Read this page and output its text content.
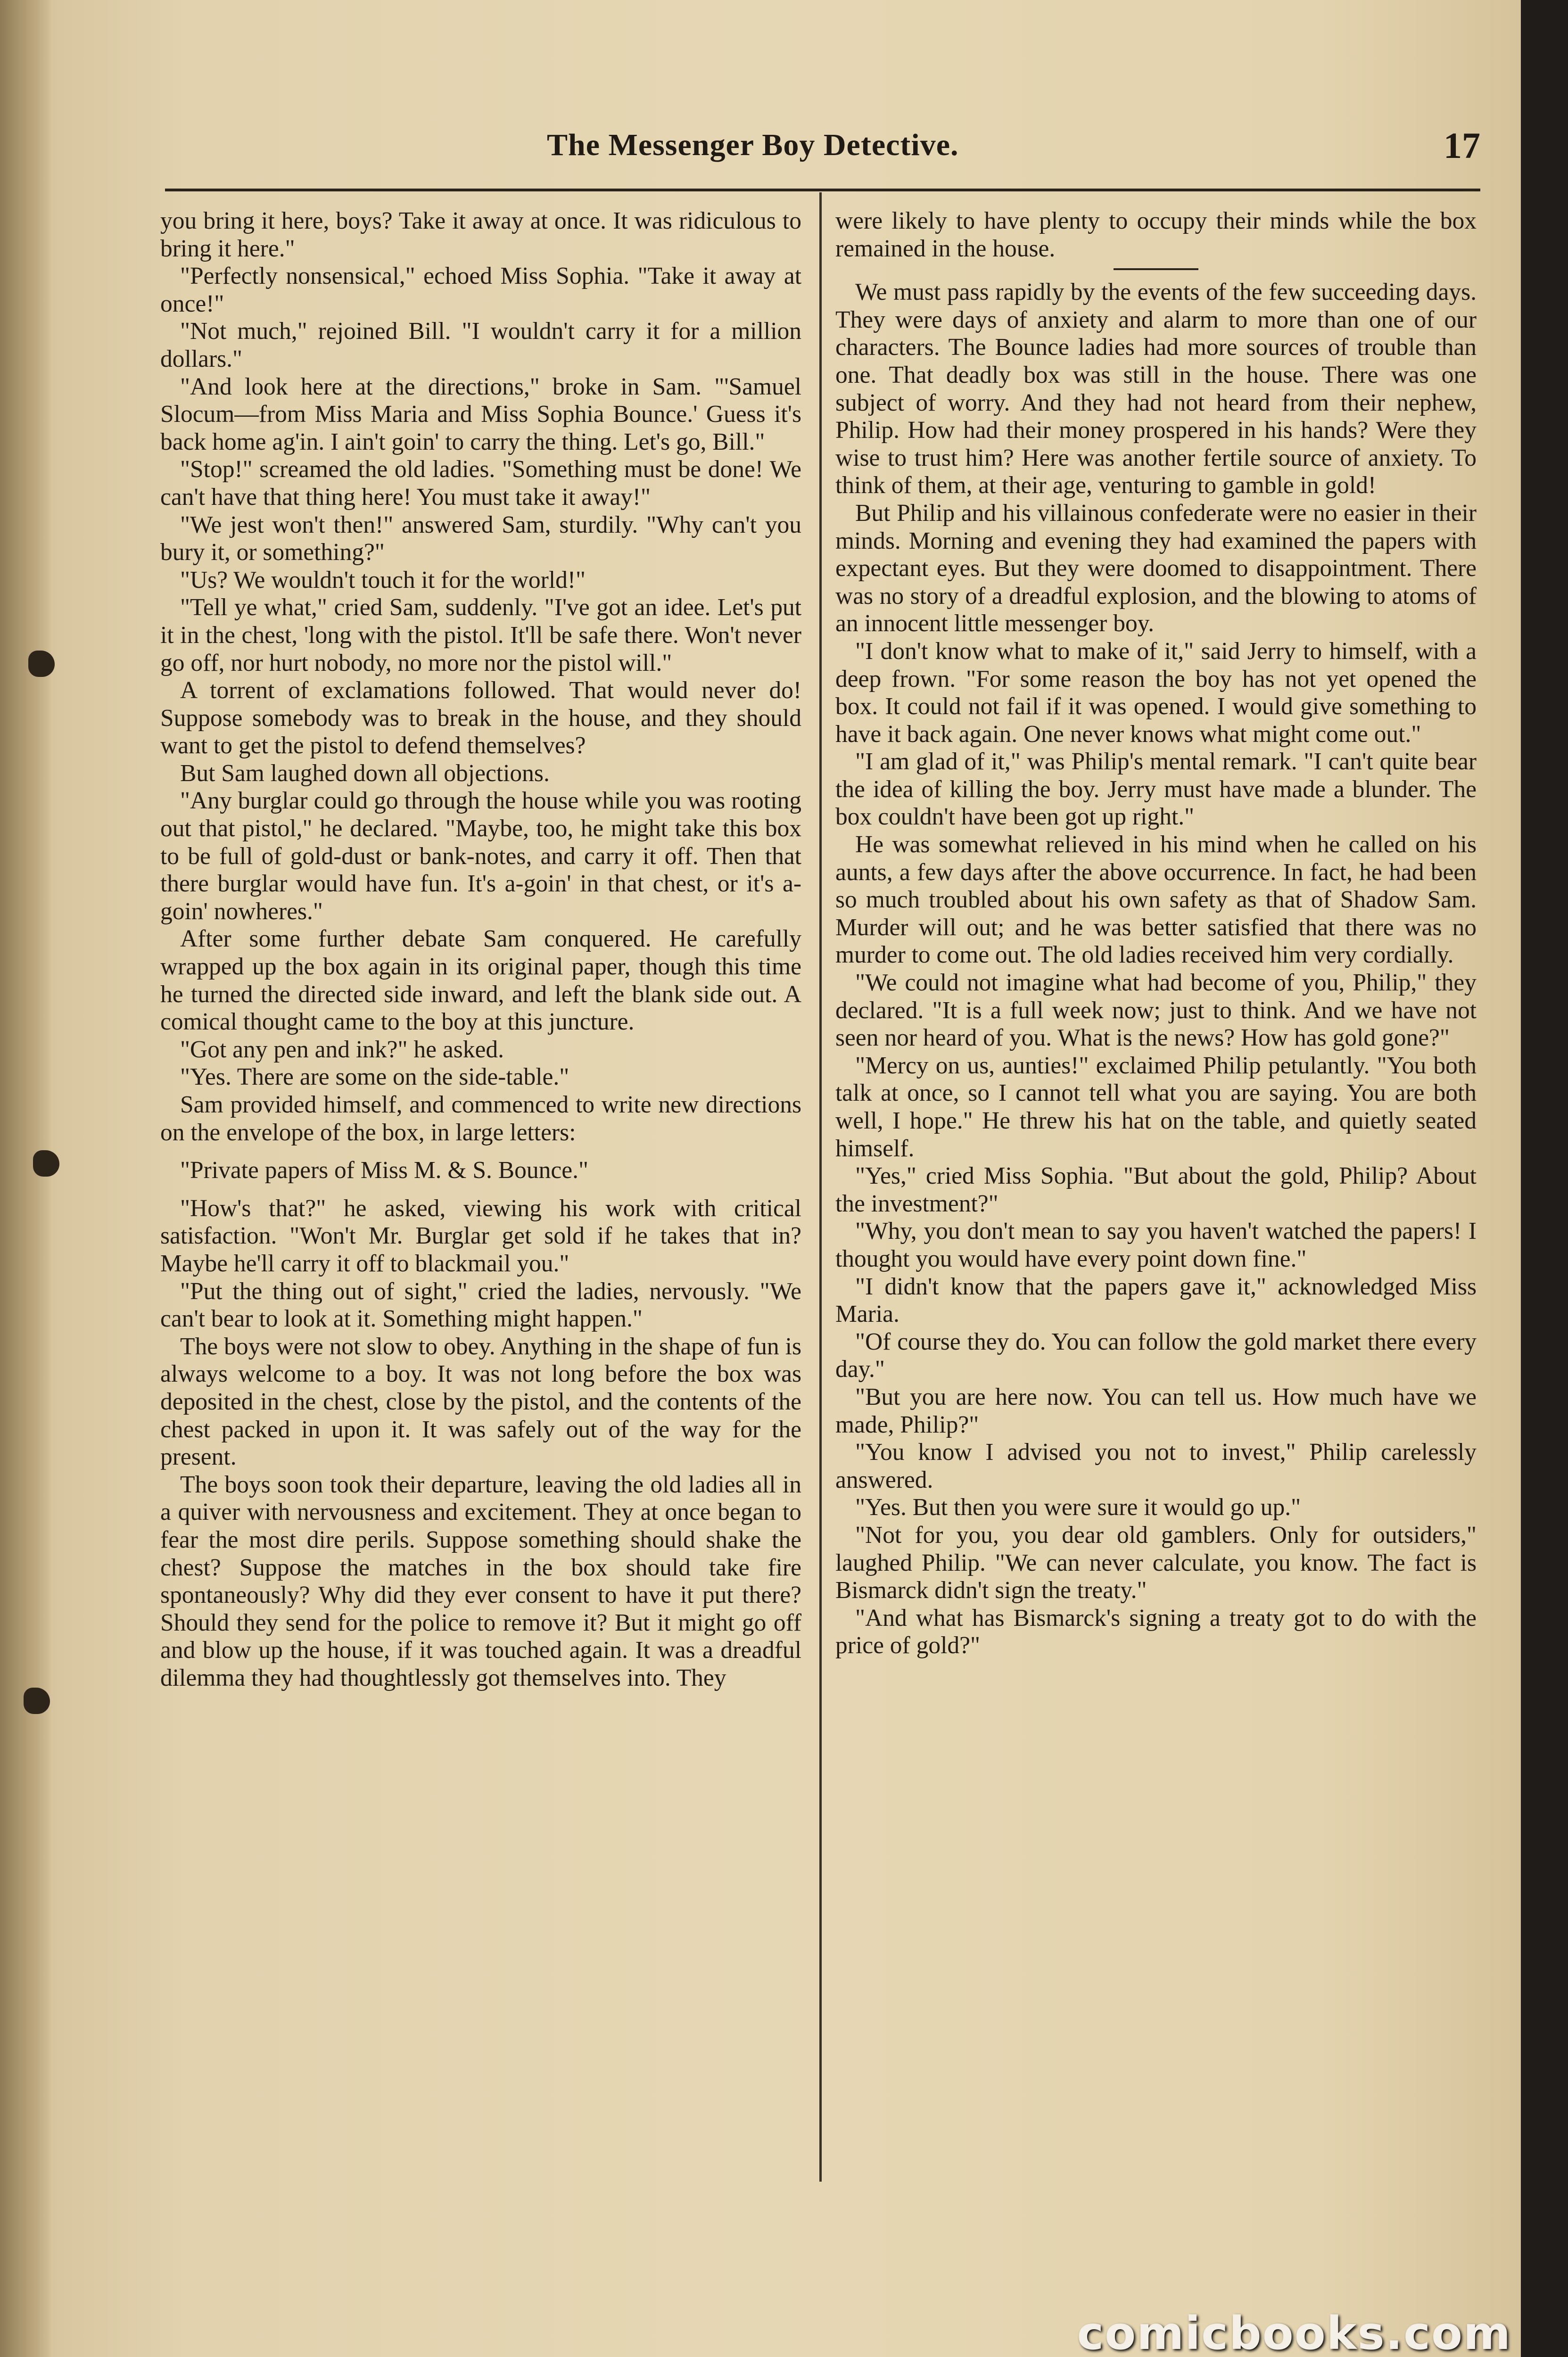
The Messenger Boy Detective.	17

you bring it here, boys? Take it away at once. It was ridiculous to bring it here."

"Perfectly nonsensical," echoed Miss Sophia. "Take it away at once!"

"Not much," rejoined Bill. "I wouldn't carry it for a million dollars."

"And look here at the directions," broke in Sam. "'Samuel Slocum—from Miss Maria and Miss Sophia Bounce.' Guess it's back home ag'in. I ain't goin' to carry the thing. Let's go, Bill."

"Stop!" screamed the old ladies. "Something must be done! We can't have that thing here! You must take it away!"

"We jest won't then!" answered Sam, sturdily. "Why can't you bury it, or something?"

"Us? We wouldn't touch it for the world!"

"Tell ye what," cried Sam, suddenly. "I've got an idee. Let's put it in the chest, 'long with the pistol. It'll be safe there. Won't never go off, nor hurt nobody, no more nor the pistol will."

A torrent of exclamations followed. That would never do! Suppose somebody was to break in the house, and they should want to get the pistol to defend themselves?

But Sam laughed down all objections.

"Any burglar could go through the house while you was rooting out that pistol," he declared. "Maybe, too, he might take this box to be full of gold-dust or bank-notes, and carry it off. Then that there burglar would have fun. It's a-goin' in that chest, or it's a-goin' nowheres."

After some further debate Sam conquered. He carefully wrapped up the box again in its original paper, though this time he turned the directed side inward, and left the blank side out. A comical thought came to the boy at this juncture.

"Got any pen and ink?" he asked.

"Yes. There are some on the side-table."

Sam provided himself, and commenced to write new directions on the envelope of the box, in large letters:

"Private papers of Miss M. & S. Bounce."

"How's that?" he asked, viewing his work with critical satisfaction. "Won't Mr. Burglar get sold if he takes that in? Maybe he'll carry it off to blackmail you."

"Put the thing out of sight," cried the ladies, nervously. "We can't bear to look at it. Something might happen."

The boys were not slow to obey. Anything in the shape of fun is always welcome to a boy. It was not long before the box was deposited in the chest, close by the pistol, and the contents of the chest packed in upon it. It was safely out of the way for the present.

The boys soon took their departure, leaving the old ladies all in a quiver with nervousness and excitement. They at once began to fear the most dire perils. Suppose something should shake the chest? Suppose the matches in the box should take fire spontaneously? Why did they ever consent to have it put there? Should they send for the police to remove it? But it might go off and blow up the house, if it was touched again. It was a dreadful dilemma they had thoughtlessly got themselves into. They

were likely to have plenty to occupy their minds while the box remained in the house.

We must pass rapidly by the events of the few succeeding days. They were days of anxiety and alarm to more than one of our characters. The Bounce ladies had more sources of trouble than one. That deadly box was still in the house. There was one subject of worry. And they had not heard from their nephew, Philip. How had their money prospered in his hands? Were they wise to trust him? Here was another fertile source of anxiety. To think of them, at their age, venturing to gamble in gold!

But Philip and his villainous confederate were no easier in their minds. Morning and evening they had examined the papers with expectant eyes. But they were doomed to disappointment. There was no story of a dreadful explosion, and the blowing to atoms of an innocent little messenger boy.

"I don't know what to make of it," said Jerry to himself, with a deep frown. "For some reason the boy has not yet opened the box. It could not fail if it was opened. I would give something to have it back again. One never knows what might come out."

"I am glad of it," was Philip's mental remark. "I can't quite bear the idea of killing the boy. Jerry must have made a blunder. The box couldn't have been got up right."

He was somewhat relieved in his mind when he called on his aunts, a few days after the above occurrence. In fact, he had been so much troubled about his own safety as that of Shadow Sam. Murder will out; and he was better satisfied that there was no murder to come out. The old ladies received him very cordially.

"We could not imagine what had become of you, Philip," they declared. "It is a full week now; just to think. And we have not seen nor heard of you. What is the news? How has gold gone?"

"Mercy on us, aunties!" exclaimed Philip petulantly. "You both talk at once, so I cannot tell what you are saying. You are both well, I hope." He threw his hat on the table, and quietly seated himself.

"Yes," cried Miss Sophia. "But about the gold, Philip? About the investment?"

"Why, you don't mean to say you haven't watched the papers! I thought you would have every point down fine."

"I didn't know that the papers gave it," acknowledged Miss Maria.

"Of course they do. You can follow the gold market there every day."

"But you are here now. You can tell us. How much have we made, Philip?"

"You know I advised you not to invest," Philip carelessly answered.

"Yes. But then you were sure it would go up."

"Not for you, you dear old gamblers. Only for outsiders," laughed Philip. "We can never calculate, you know. The fact is Bismarck didn't sign the treaty."

"And what has Bismarck's signing a treaty got to do with the price of gold?"

comicbooks.com
